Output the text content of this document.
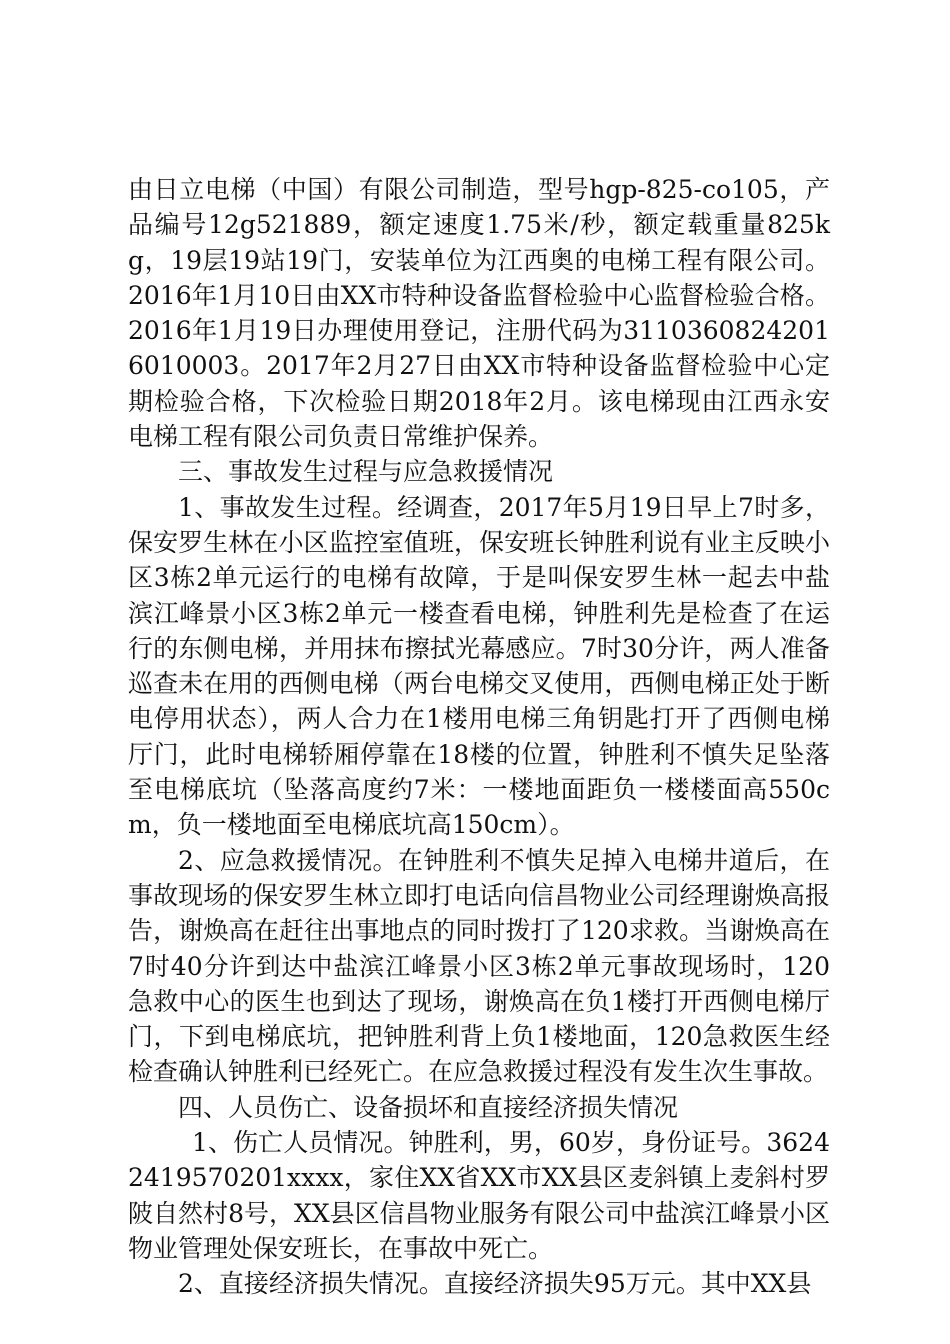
由日立电梯（中国）有限公司制造，型号hgp-825-co105，产品编号12g521889，额定速度1.75米/秒，额定载重量825kg，19层19站19门，安装单位为江西奥的电梯工程有限公司。2016年1月10日由XX市特种设备监督检验中心监督检验合格。2016年1月19日办理使用登记，注册代码为31103608242016010003。2017年2月27日由XX市特种设备监督检验中心定期检验合格，下次检验日期2018年2月。该电梯现由江西永安电梯工程有限公司负责日常维护保养。

三、事故发生过程与应急救援情况

1、事故发生过程。经调查，2017年5月19日早上7时多，保安罗生林在小区监控室值班，保安班长钟胜利说有业主反映小区3栋2单元运行的电梯有故障，于是叫保安罗生林一起去中盐滨江峰景小区3栋2单元一楼查看电梯，钟胜利先是检查了在运行的东侧电梯，并用抹布擦拭光幕感应。7时30分许，两人准备巡查未在用的西侧电梯（两台电梯交叉使用，西侧电梯正处于断电停用状态），两人合力在1楼用电梯三角钥匙打开了西侧电梯厅门，此时电梯轿厢停靠在18楼的位置，钟胜利不慎失足坠落至电梯底坑（坠落高度约7米：一楼地面距负一楼楼面高550cm，负一楼地面至电梯底坑高150cm）。

2、应急救援情况。在钟胜利不慎失足掉入电梯井道后，在事故现场的保安罗生林立即打电话向信昌物业公司经理谢焕高报告，谢焕高在赶往出事地点的同时拨打了120求救。当谢焕高在7时40分许到达中盐滨江峰景小区3栋2单元事故现场时，120急救中心的医生也到达了现场，谢焕高在负1楼打开西侧电梯厅门，下到电梯底坑，把钟胜利背上负1楼地面，120急救医生经检查确认钟胜利已经死亡。在应急救援过程没有发生次生事故。

四、人员伤亡、设备损坏和直接经济损失情况

1、伤亡人员情况。钟胜利，男，60岁，身份证号。36242419570201xxxx，家住XX省XX市XX县区麦斜镇上麦斜村罗陂自然村8号，XX县区信昌物业服务有限公司中盐滨江峰景小区物业管理处保安班长，在事故中死亡。

2、直接经济损失情况。直接经济损失95万元。其中XX县
